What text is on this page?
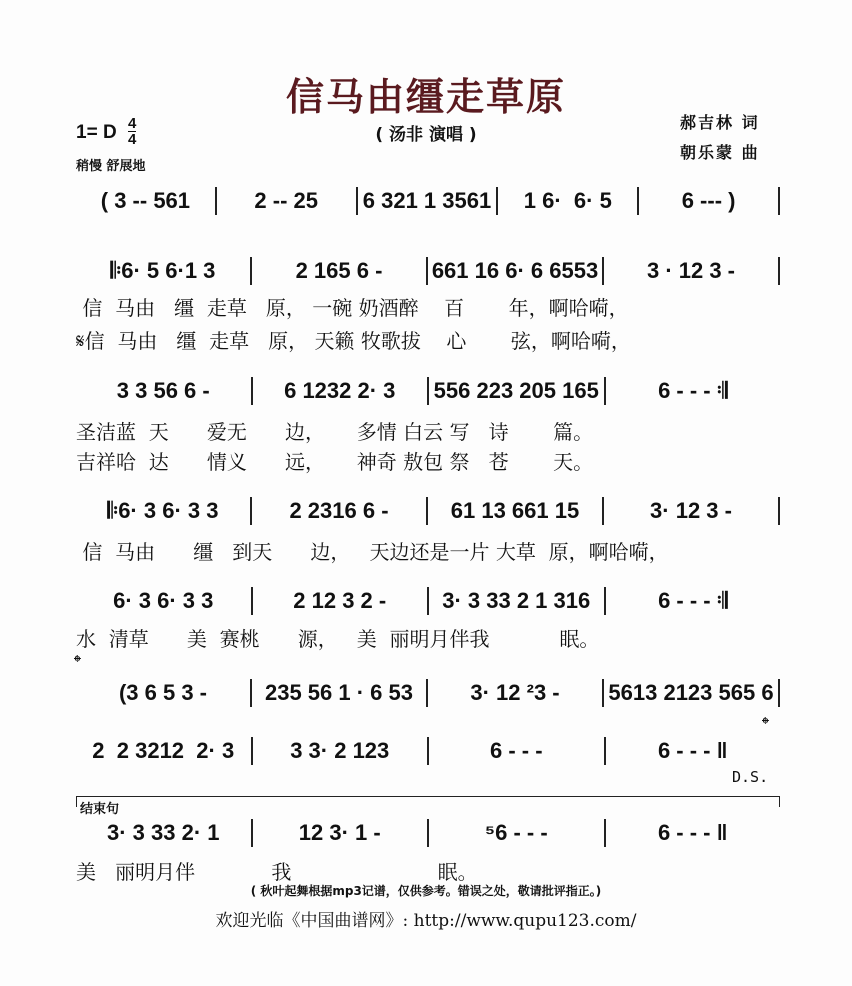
信马由缰走草原
( 汤非 演唱 )
郝吉林 词
朝乐蒙 曲
1= D 4
4
稍慢 舒展地
( 3 -- 561	2 -- 25	6 321 1 3561	1 6·  6· 5	6 --- )
𝄆6· 5 6·1 3	2 165 6 -	661 16 6· 6 6553	3 · 12 3 -
3 3 56 6 -	6 1232 2· 3	556 223 205 165	6 - - - 𝄇
𝄆6· 3 6· 3 3	2 2316 6 -	61 13 661 15	3· 12 3 -
6· 3 6· 3 3	2 12 3 2 -	3· 3 33 2 1 316	6 - - - 𝄇
(3 6 5 3 -	235 56 1 · 6 53	3· 12 ²3 -	5613 2123 565 6
2  2 3212  2· 3	3 3· 2 123	6 - - -	6 - - - ‖
3· 3 33 2· 1	12 3· 1 -	⁵6 - - -	6 - - - ‖
信  马由   缰  走草   原， 一碗 奶酒醉    百       年，啊哈嗬，
𝄋信  马由   缰  走草   原， 天籁 牧歌拔    心       弦，啊哈嗬，
圣洁蓝  天      爱无      边，     多情 白云 写   诗       篇。
吉祥哈  达      情义      远，     神奇 敖包 祭   苍       天。
信  马由      缰   到天      边，   天边还是一片 大草  原，啊哈嗬，
水  清草      美  赛桃      源，   美  丽明月伴我           眠。
美   丽明月伴            我                       眠。
𝄌
𝄌
D.S.
结束句
( 秋叶起舞根据mp3记谱，仅供参考。错误之处，敬请批评指正。)
欢迎光临《中国曲谱网》: http://www.qupu123.com/
